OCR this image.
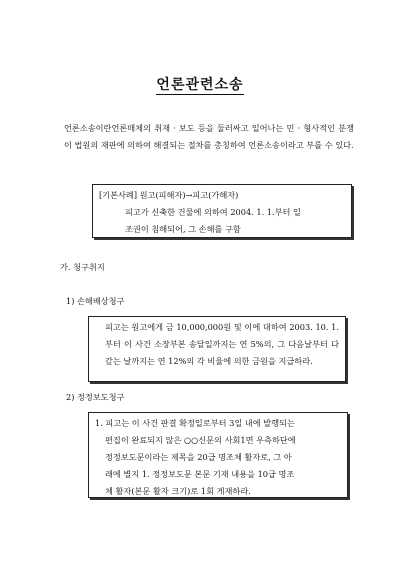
언론관련소송
언론소송이란언론매체의 취재 · 보도 등을 둘러싸고 일어나는 민 · 형사적인 분쟁이 법원의 재판에 의하여 해결되는 절차를 총칭하여 언론소송이라고 부를 수 있다.
[기본사례] 원고(피해자)→피고(가해자)
피고가 신축한 건물에 의하여 2004. 1. 1.부터 일
조권이 침해되어, 그 손해를 구함
가. 청구취지
1) 손해배상청구
피고는 원고에게 금 10,000,000원 및 이에 대하여 2003. 10. 1.부터 이 사건 소장부본 송달일까지는 연 5%의, 그 다음날부터 다 갚는 날까지는 연 12%의 각 비율에 의한 금원을 지급하라.
2) 정정보도청구
1. 피고는 이 사건 판결 확정일로부터 3일 내에 발행되는
편집이 완료되지 않은 ○○신문의 사회1면 우측하단에
정정보도문이라는 제목을 20급 명조체 활자로, 그 아
래에 별지 1. 정정보도문 본문 기재 내용을 10급 명조
체 활자(본문 활자 크기)로 1회 게재하라.
